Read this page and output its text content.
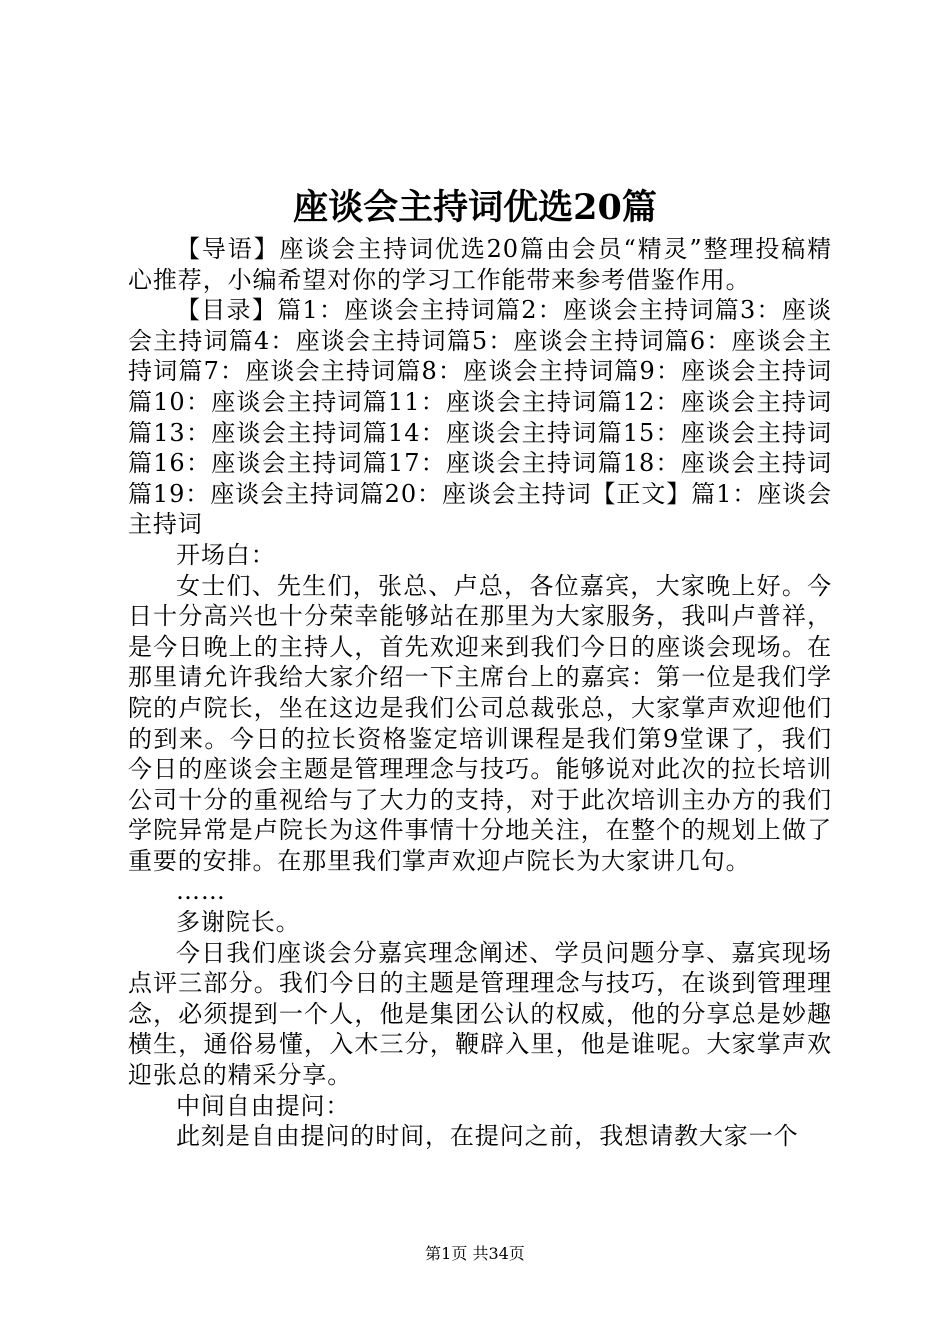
座谈会主持词优选20篇

【导语】座谈会主持词优选20篇由会员“精灵”整理投稿精心推荐，小编希望对你的学习工作能带来参考借鉴作用。

【目录】篇1：座谈会主持词篇2：座谈会主持词篇3：座谈会主持词篇4：座谈会主持词篇5：座谈会主持词篇6：座谈会主持词篇7：座谈会主持词篇8：座谈会主持词篇9：座谈会主持词篇10：座谈会主持词篇11：座谈会主持词篇12：座谈会主持词篇13：座谈会主持词篇14：座谈会主持词篇15：座谈会主持词篇16：座谈会主持词篇17：座谈会主持词篇18：座谈会主持词篇19：座谈会主持词篇20：座谈会主持词【正文】篇1：座谈会主持词

开场白：

女士们、先生们，张总、卢总，各位嘉宾，大家晚上好。今日十分高兴也十分荣幸能够站在那里为大家服务，我叫卢普祥，是今日晚上的主持人，首先欢迎来到我们今日的座谈会现场。在那里请允许我给大家介绍一下主席台上的嘉宾：第一位是我们学院的卢院长，坐在这边是我们公司总裁张总，大家掌声欢迎他们的到来。今日的拉长资格鉴定培训课程是我们第9堂课了，我们今日的座谈会主题是管理理念与技巧。能够说对此次的拉长培训公司十分的重视给与了大力的支持，对于此次培训主办方的我们学院异常是卢院长为这件事情十分地关注，在整个的规划上做了重要的安排。在那里我们掌声欢迎卢院长为大家讲几句。

……

多谢院长。

今日我们座谈会分嘉宾理念阐述、学员问题分享、嘉宾现场点评三部分。我们今日的主题是管理理念与技巧，在谈到管理理念，必须提到一个人，他是集团公认的权威，他的分享总是妙趣横生，通俗易懂，入木三分，鞭辟入里，他是谁呢。大家掌声欢迎张总的精采分享。

中间自由提问：

此刻是自由提问的时间，在提问之前，我想请教大家一个

第1页 共34页
